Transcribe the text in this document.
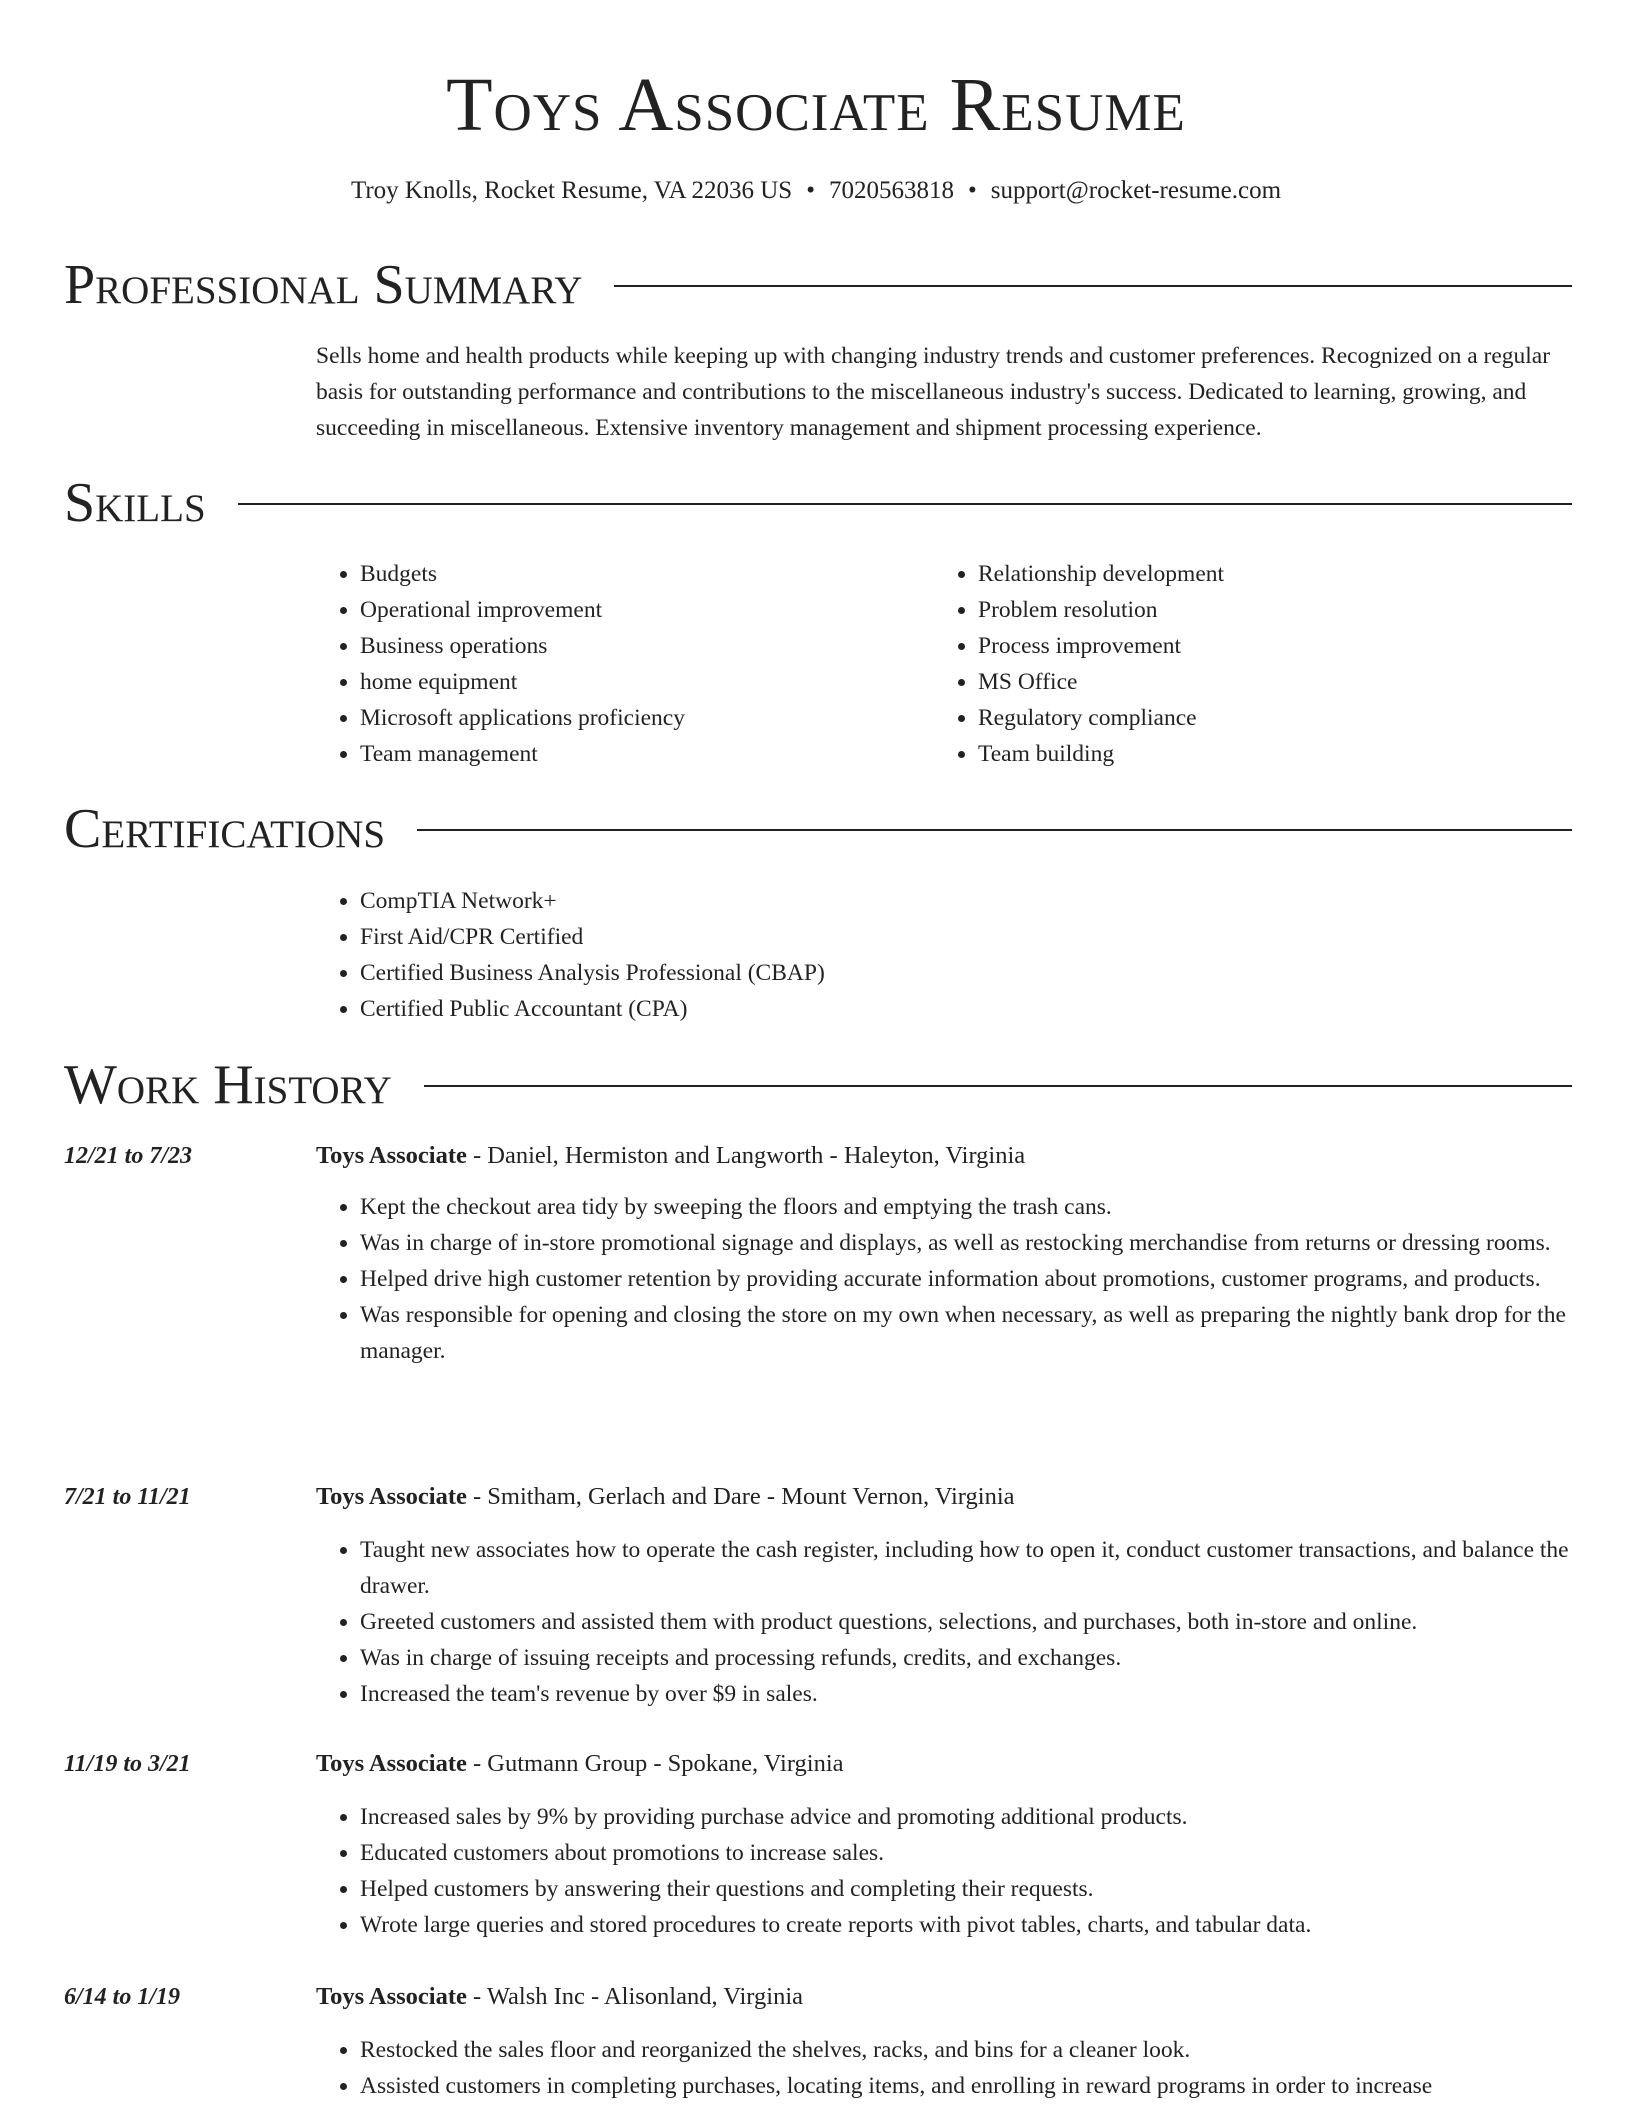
Toys Associate Resume
Troy Knolls, Rocket Resume, VA 22036 US • 7020563818 • support@rocket-resume.com
Professional Summary

Sells home and health products while keeping up with changing industry trends and customer preferences. Recognized on a regular basis for outstanding performance and contributions to the miscellaneous industry's success. Dedicated to learning, growing, and succeeding in miscellaneous. Extensive inventory management and shipment processing experience.

Skills
• Budgets
• Operational improvement
• Business operations
• home equipment
• Microsoft applications proficiency
• Team management
• Relationship development
• Problem resolution
• Process improvement
• MS Office
• Regulatory compliance
• Team building
Certifications
• CompTIA Network+
• First Aid/CPR Certified
• Certified Business Analysis Professional (CBAP)
• Certified Public Accountant (CPA)
Work History
12/21 to 7/23	Toys Associate - Daniel, Hermiston and Langworth - Haleyton, Virginia
• Kept the checkout area tidy by sweeping the floors and emptying the trash cans.
• Was in charge of in-store promotional signage and displays, as well as restocking merchandise from returns or dressing rooms.
• Helped drive high customer retention by providing accurate information about promotions, customer programs, and products.
• Was responsible for opening and closing the store on my own when necessary, as well as preparing the nightly bank drop for the manager.
7/21 to 11/21	Toys Associate - Smitham, Gerlach and Dare - Mount Vernon, Virginia
• Taught new associates how to operate the cash register, including how to open it, conduct customer transactions, and balance the drawer.
• Greeted customers and assisted them with product questions, selections, and purchases, both in-store and online.
• Was in charge of issuing receipts and processing refunds, credits, and exchanges.
• Increased the team's revenue by over $9 in sales.
11/19 to 3/21	Toys Associate - Gutmann Group - Spokane, Virginia
• Increased sales by 9% by providing purchase advice and promoting additional products.
• Educated customers about promotions to increase sales.
• Helped customers by answering their questions and completing their requests.
• Wrote large queries and stored procedures to create reports with pivot tables, charts, and tabular data.
6/14 to 1/19	Toys Associate - Walsh Inc - Alisonland, Virginia
• Restocked the sales floor and reorganized the shelves, racks, and bins for a cleaner look.
• Assisted customers in completing purchases, locating items, and enrolling in reward programs in order to increase
